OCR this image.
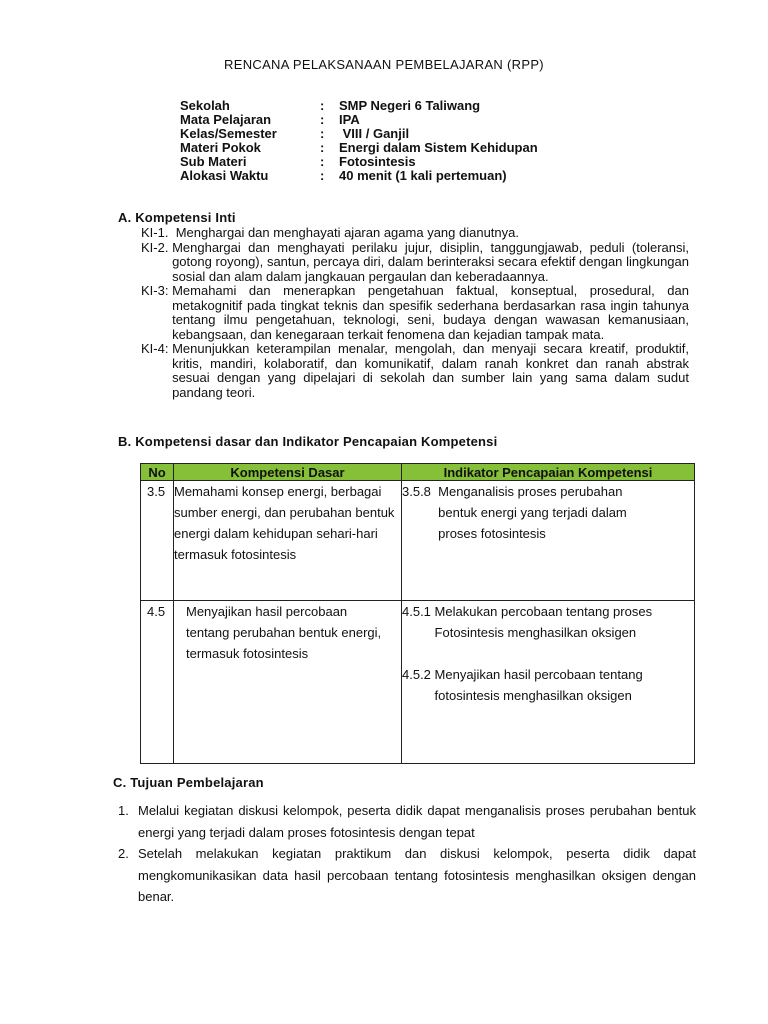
RENCANA PELAKSANAAN PEMBELAJARAN (RPP)
Sekolah	: SMP Negeri 6 Taliwang
Mata Pelajaran	: IPA
Kelas/Semester	: VIII / Ganjil
Materi Pokok	: Energi dalam Sistem Kehidupan
Sub Materi	: Fotosintesis
Alokasi Waktu	: 40 menit (1 kali pertemuan)
A. Kompetensi Inti
KI-1. Menghargai dan menghayati ajaran agama yang dianutnya.
KI-2. Menghargai dan menghayati perilaku jujur, disiplin, tanggungjawab, peduli (toleransi, gotong royong), santun, percaya diri, dalam berinteraksi secara efektif dengan lingkungan sosial dan alam dalam jangkauan pergaulan dan keberadaannya.
KI-3: Memahami dan menerapkan pengetahuan faktual, konseptual, prosedural, dan metakognitif pada tingkat teknis dan spesifik sederhana berdasarkan rasa ingin tahunya tentang ilmu pengetahuan, teknologi, seni, budaya dengan wawasan kemanusiaan, kebangsaan, dan kenegaraan terkait fenomena dan kejadian tampak mata.
KI-4: Menunjukkan keterampilan menalar, mengolah, dan menyaji secara kreatif, produktif, kritis, mandiri, kolaboratif, dan komunikatif, dalam ranah konkret dan ranah abstrak sesuai dengan yang dipelajari di sekolah dan sumber lain yang sama dalam sudut pandang teori.
B. Kompetensi dasar dan Indikator Pencapaian Kompetensi
No	Kompetensi Dasar	Indikator Pencapaian Kompetensi
3.5	Memahami konsep energi, berbagai sumber energi, dan perubahan bentuk energi dalam kehidupan sehari-hari termasuk fotosintesis	3.5.8 Menganalisis proses perubahan bentuk energi yang terjadi dalam proses fotosintesis

4.5	Menyajikan hasil percobaan tentang perubahan bentuk energi, termasuk fotosintesis	4.5.1 Melakukan percobaan tentang proses Fotosintesis menghasilkan oksigen
4.5.2 Menyajikan hasil percobaan tentang fotosintesis menghasilkan oksigen
C. Tujuan Pembelajaran
1. Melalui kegiatan diskusi kelompok, peserta didik dapat menganalisis proses perubahan bentuk energi yang terjadi dalam proses fotosintesis dengan tepat
2. Setelah melakukan kegiatan praktikum dan diskusi kelompok, peserta didik dapat mengkomunikasikan data hasil percobaan tentang fotosintesis menghasilkan oksigen dengan benar.
